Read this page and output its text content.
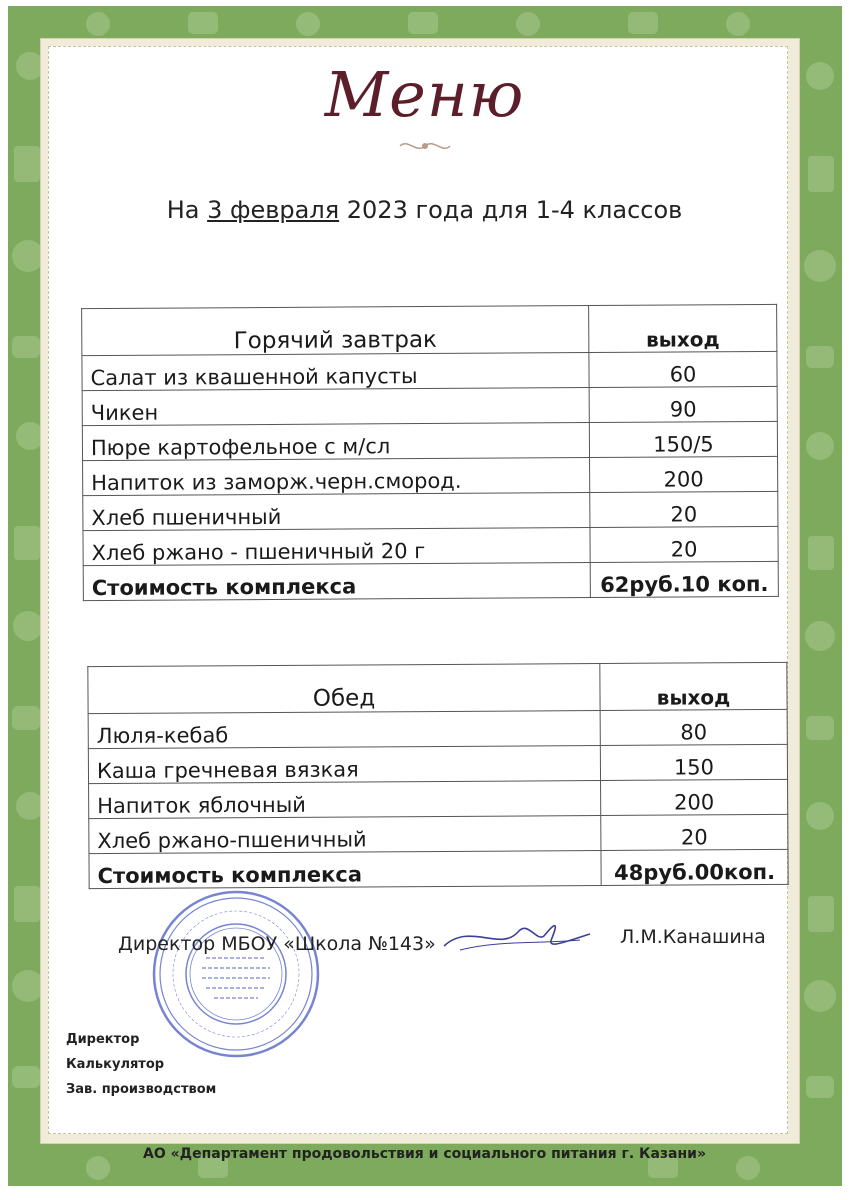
Меню
На 3 февраля 2023 года для 1-4 классов
Горячий завтрак	выход
Салат из квашенной капусты	60
Чикен	90
Пюре картофельное с м/сл	150/5
Напиток из заморж.черн.смород.	200
Хлеб пшеничный	20
Хлеб ржано - пшеничный 20 г	20
Стоимость комплекса	62руб.10 коп.
Обед	выход
Люля-кебаб	80
Каша гречневая вязкая	150
Напиток яблочный	200
Хлеб ржано-пшеничный	20
Стоимость комплекса	48руб.00коп.
Директор МБОУ «Школа №143»	Л.М.Канашина
Директор
Калькулятор
Зав. производством
АО «Департамент продовольствия и социального питания г. Казани»
